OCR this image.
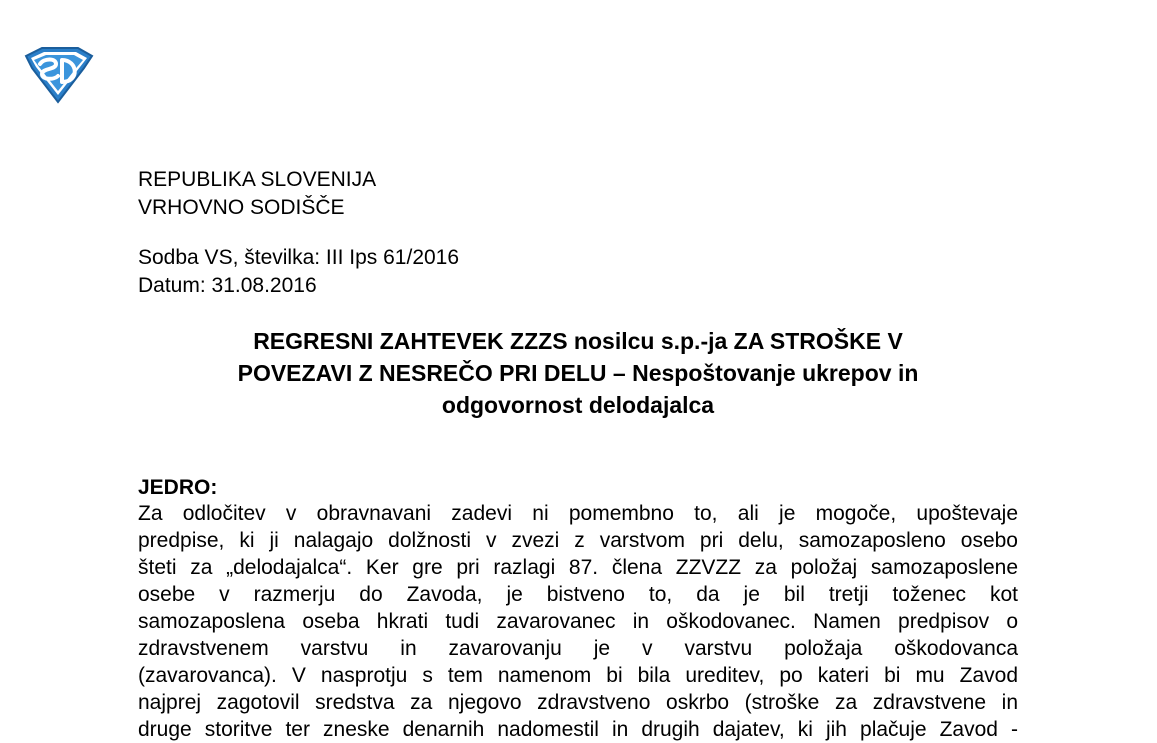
REPUBLIKA SLOVENIJA
VRHOVNO SODIŠČE
Sodba VS, številka: III Ips 61/2016
Datum: 31.08.2016
REGRESNI ZAHTEVEK ZZZS nosilcu s.p.-ja ZA STROŠKE V
POVEZAVI Z NESREČO PRI DELU – Nespoštovanje ukrepov in
odgovornost delodajalca
JEDRO:
Za odločitev v obravnavani zadevi ni pomembno to, ali je mogoče, upoštevaje
predpise, ki ji nalagajo dolžnosti v zvezi z varstvom pri delu, samozaposleno osebo
šteti za „delodajalca“. Ker gre pri razlagi 87. člena ZZVZZ za položaj samozaposlene
osebe v razmerju do Zavoda, je bistveno to, da je bil tretji toženec kot
samozaposlena oseba hkrati tudi zavarovanec in oškodovanec. Namen predpisov o
zdravstvenem varstvu in zavarovanju je v varstvu položaja oškodovanca
(zavarovanca). V nasprotju s tem namenom bi bila ureditev, po kateri bi mu Zavod
najprej zagotovil sredstva za njegovo zdravstveno oskrbo (stroške za zdravstvene in
druge storitve ter zneske denarnih nadomestil in drugih dajatev, ki jih plačuje Zavod -
